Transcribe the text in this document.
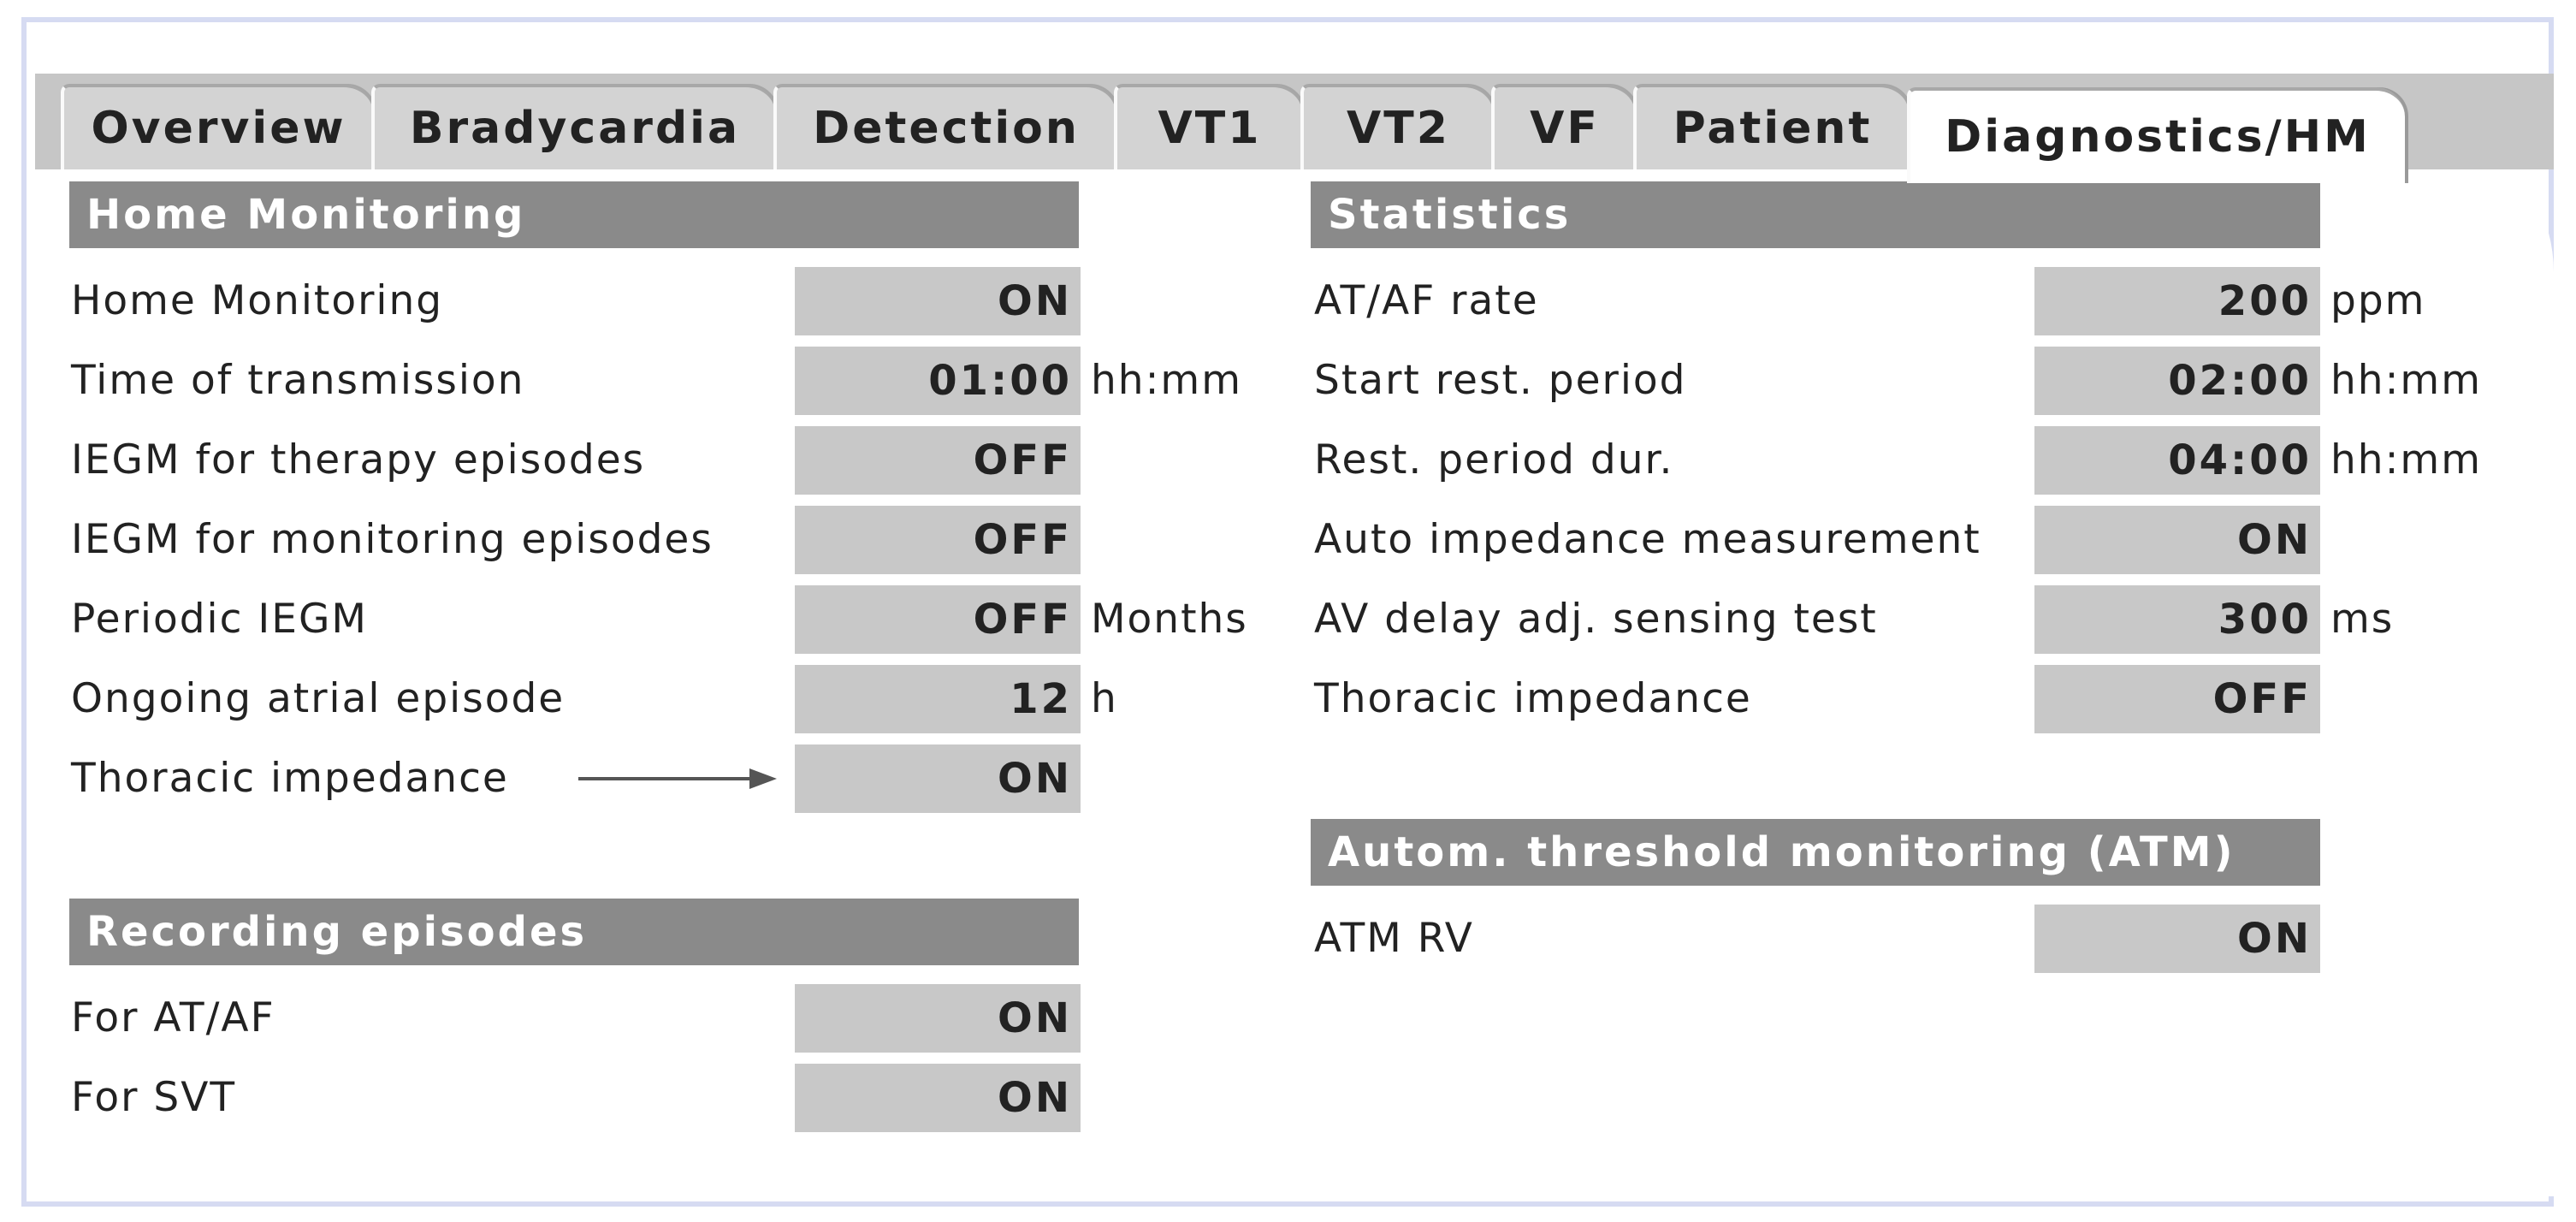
Overview	Bradycardia	Detection	VT1	VT2	VF	Patient	Diagnostics/HM
Home Monitoring
Home Monitoring	ON
Time of transmission	01:00 hh:mm
IEGM for therapy episodes	OFF
IEGM for monitoring episodes	OFF
Periodic IEGM	OFF Months
Ongoing atrial episode	12 h
Thoracic impedance	ON
Recording episodes
For AT/AF	ON
For SVT	ON
Statistics
AT/AF rate	200 ppm
Start rest. period	02:00 hh:mm
Rest. period dur.	04:00 hh:mm
Auto impedance measurement	ON
AV delay adj. sensing test	300 ms
Thoracic impedance	OFF
Autom. threshold monitoring (ATM)
ATM RV	ON
